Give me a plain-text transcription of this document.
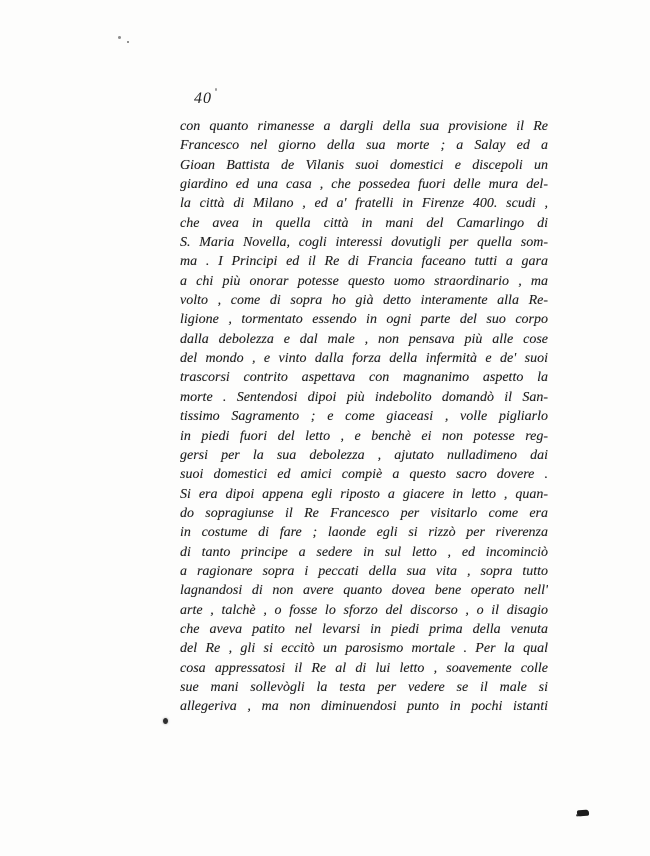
40
con quanto rimanesse a dargli della sua provisione il Re
Francesco nel giorno della sua morte ; a Salay ed a
Gioan Battista de Vilanis suoi domestici e discepoli un
giardino ed una casa , che possedea fuori delle mura del-
la città di Milano , ed a' fratelli in Firenze 400. scudi ,
che avea in quella città in mani del Camarlingo di
S. Maria Novella, cogli interessi dovutigli per quella som-
ma . I Principi ed il Re di Francia faceano tutti a gara
a chi più onorar potesse questo uomo straordinario , ma
volto , come di sopra ho già detto interamente alla Re-
ligione , tormentato essendo in ogni parte del suo corpo
dalla debolezza e dal male , non pensava più alle cose
del mondo , e vinto dalla forza della infermità e de' suoi
trascorsi contrito aspettava con magnanimo aspetto la
morte . Sentendosi dipoi più indebolito domandò il San-
tissimo Sagramento ; e come giaceasi , volle pigliarlo
in piedi fuori del letto , e benchè ei non potesse reg-
gersi per la sua debolezza , ajutato nulladimeno dai
suoi domestici ed amici compiè a questo sacro dovere .
Si era dipoi appena egli riposto a giacere in letto , quan-
do sopragiunse il Re Francesco per visitarlo come era
in costume di fare ; laonde egli si rizzò per riverenza
di tanto principe a sedere in sul letto , ed incominciò
a ragionare sopra i peccati della sua vita , sopra tutto
lagnandosi di non avere quanto dovea bene operato nell'
arte , talchè , o fosse lo sforzo del discorso , o il disagio
che aveva patito nel levarsi in piedi prima della venuta
del Re , gli si eccitò un parosismo mortale . Per la qual
cosa appressatosi il Re al di lui letto , soavemente colle
sue mani sollevògli la testa per vedere se il male si
allegeriva , ma non diminuendosi punto in pochi istanti
